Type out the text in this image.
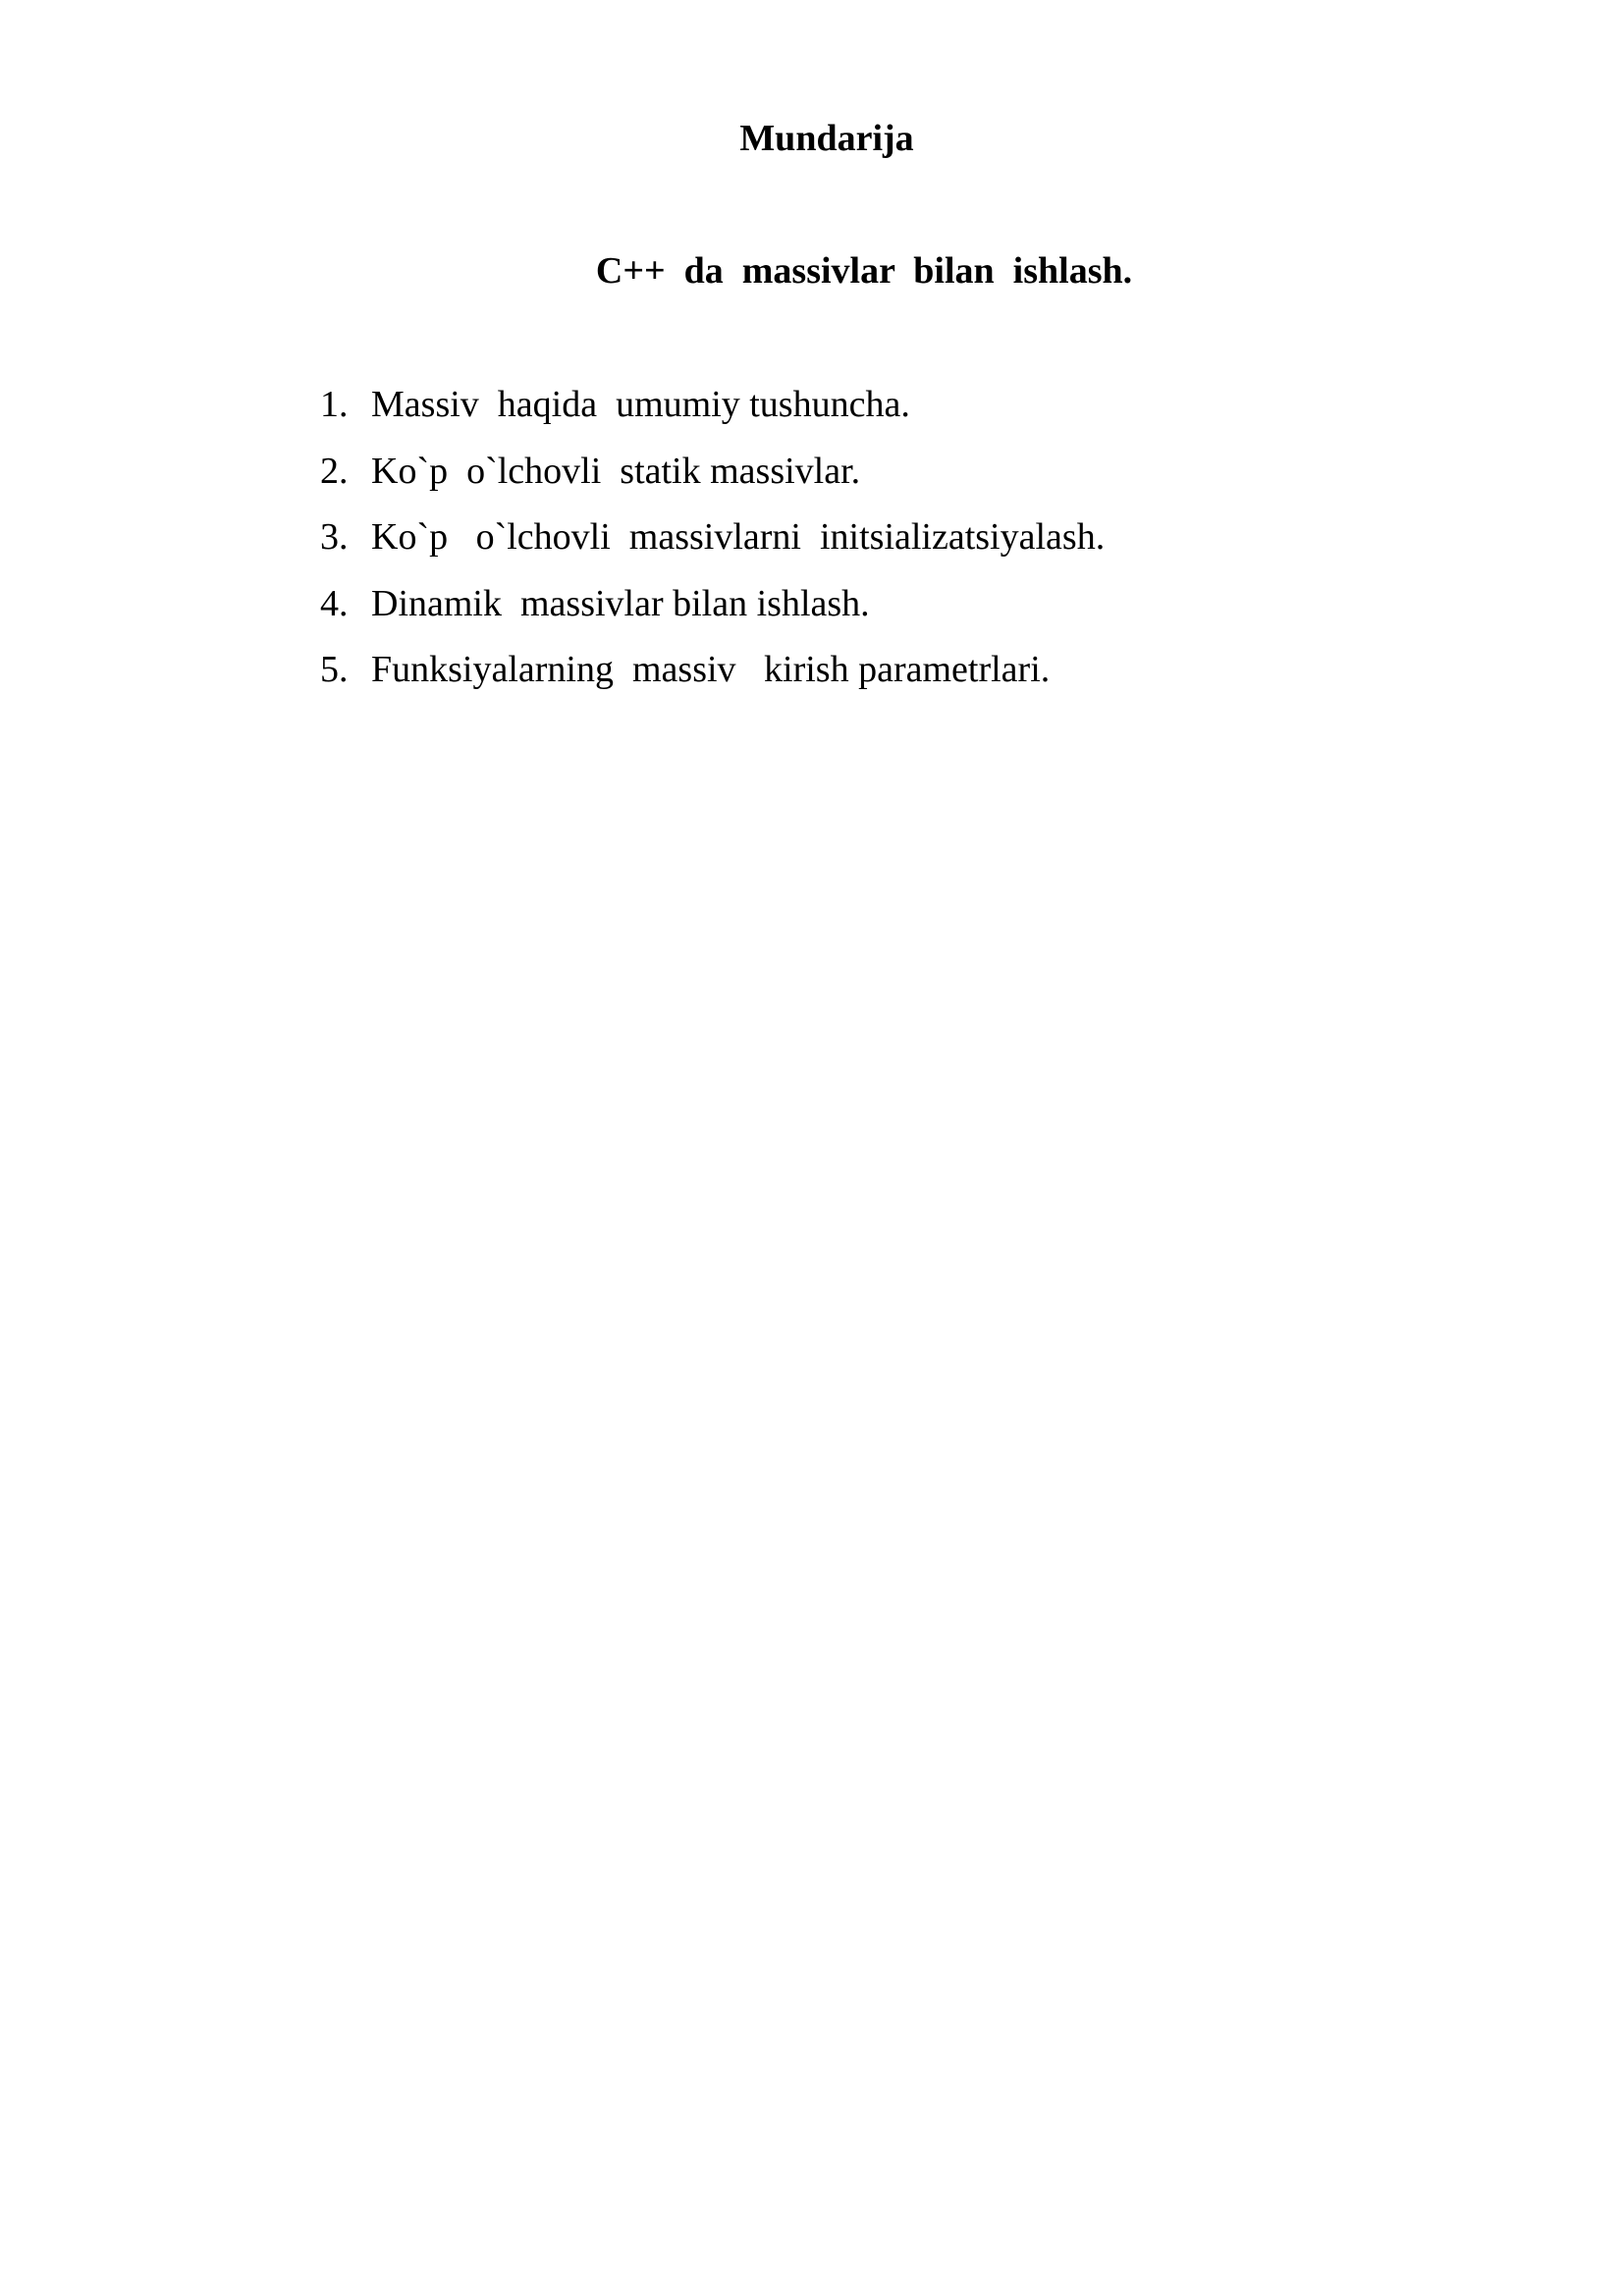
Mundarija
C++  da  massivlar  bilan  ishlash.
1. Massiv  haqida  umumiy tushuncha.
2. Ko`p  o`lchovli  statik massivlar.
3. Ko`p   o`lchovli  massivlarni  initsializatsiyalash.
4. Dinamik  massivlar bilan ishlash.
5. Funksiyalarning  massiv   kirish parametrlari.
